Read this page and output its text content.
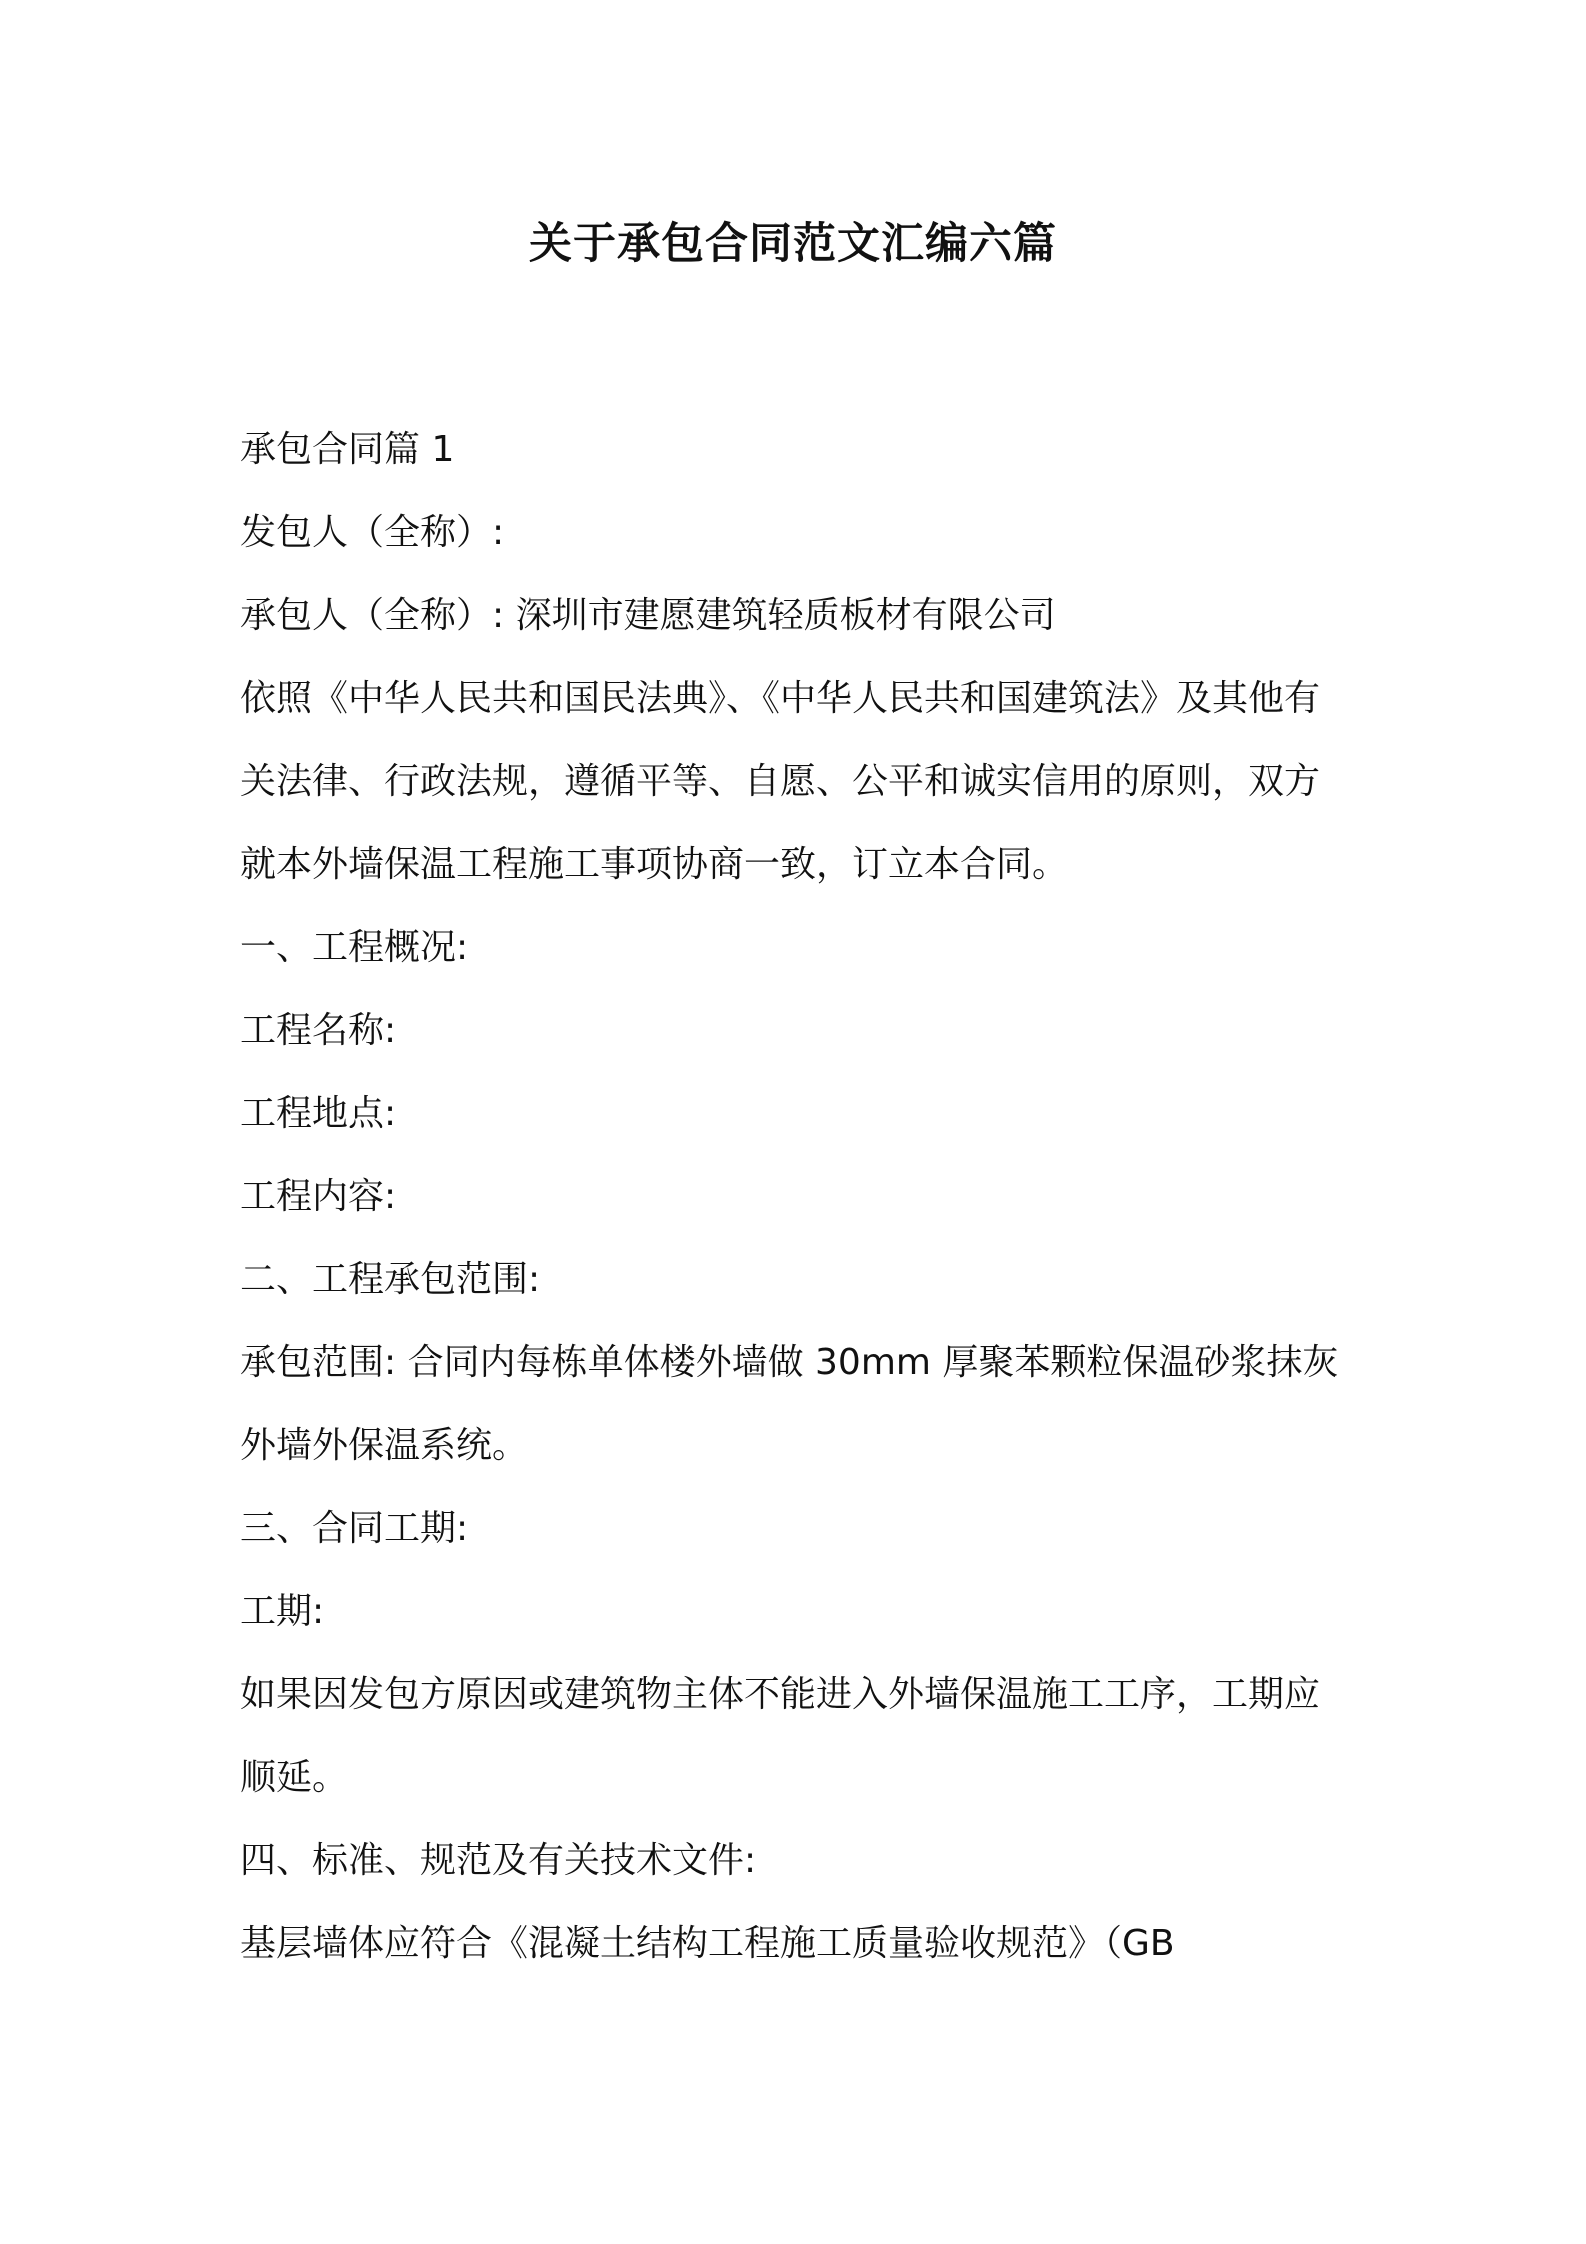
关于承包合同范文汇编六篇

承包合同篇 1

发包人（全称）:

承包人（全称）: 深圳市建愿建筑轻质板材有限公司

依照《中华人民共和国民法典》、《中华人民共和国建筑法》及其他有关法律、行政法规，遵循平等、自愿、公平和诚实信用的原则，双方就本外墙保温工程施工事项协商一致，订立本合同。

一、工程概况:

工程名称:

工程地点:

工程内容:

二、工程承包范围:

承包范围: 合同内每栋单体楼外墙做 30mm 厚聚苯颗粒保温砂浆抹灰外墙外保温系统。

三、合同工期:

工期:

如果因发包方原因或建筑物主体不能进入外墙保温施工工序，工期应顺延。

四、标准、规范及有关技术文件:

基层墙体应符合《混凝土结构工程施工质量验收规范》（GB
